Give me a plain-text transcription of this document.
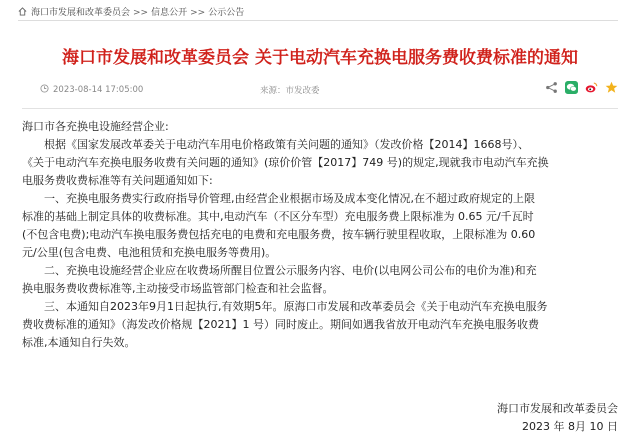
海口市发展和改革委员会 >> 信息公开 >> 公示公告
海口市发展和改革委员会 关于电动汽车充换电服务费收费标准的通知
2023-08-14 17:05:00	来源：市发改委

海口市各充换电设施经营企业:

根据《国家发展改革委关于电动汽车用电价格政策有关问题的通知》（发改价格【2014】1668号）、

《关于电动汽车充换电服务收费有关问题的通知》(琼价价管【2017】749 号)的规定,现就我市电动汽车充换

电服务费收费标准等有关问题通知如下:

一、充换电服务费实行政府指导价管理,由经营企业根据市场及成本变化情况,在不超过政府规定的上限

标准的基础上制定具体的收费标准。其中,电动汽车（不区分车型）充电服务费上限标准为 0.65 元/千瓦时

(不包含电费);电动汽车换电服务费包括充电的电费和充电服务费，按车辆行驶里程收取，上限标准为 0.60

元/公里(包含电费、电池租赁和充换电服务等费用)。

二、充换电设施经营企业应在收费场所醒目位置公示服务内容、电价(以电网公司公布的电价为准)和充

换电服务费收费标准等,主动接受市场监管部门检查和社会监督。

三、本通知自2023年9月1日起执行,有效期5年。原海口市发展和改革委员会《关于电动汽车充换电服务

费收费标准的通知》（海发改价格规【2021】1 号）同时废止。期间如遇我省放开电动汽车充换电服务收费

标准,本通知自行失效。

海口市发展和改革委员会
2023 年 8月 10 日
